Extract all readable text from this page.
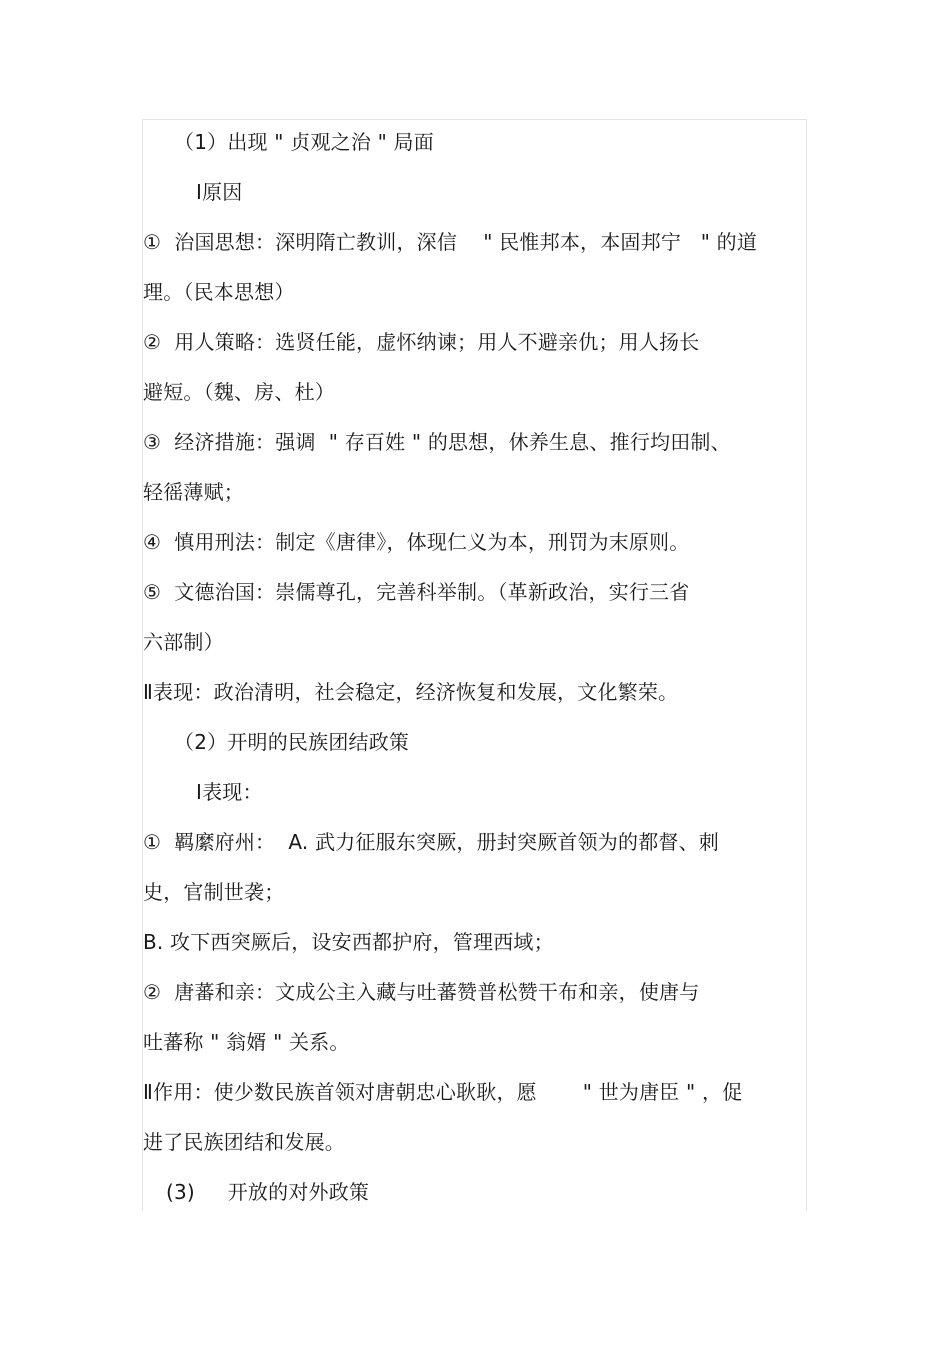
（1）出现 " 贞观之治 " 局面
Ⅰ原因
①  治国思想：深明隋亡教训，深信    " 民惟邦本，本固邦宁   " 的道
理。（民本思想）
②  用人策略：选贤任能，虚怀纳谏；用人不避亲仇；用人扬长
避短。（魏、房、杜）
③  经济措施：强调  " 存百姓 " 的思想，休养生息、推行均田制、
轻徭薄赋；
④  慎用刑法：制定《唐律》，体现仁义为本，刑罚为末原则。
⑤  文德治国：崇儒尊孔，完善科举制。（革新政治，实行三省
六部制）
Ⅱ表现：政治清明，社会稳定，经济恢复和发展，文化繁荣。
（2）开明的民族团结政策
Ⅰ表现：
①  羁縻府州：  A. 武力征服东突厥，册封突厥首领为的都督、刺
史，官制世袭；
B. 攻下西突厥后，设安西都护府，管理西域；
②  唐蕃和亲：文成公主入藏与吐蕃赞普松赞干布和亲，使唐与
吐蕃称 " 翁婿 " 关系。
Ⅱ作用：使少数民族首领对唐朝忠心耿耿，愿       " 世为唐臣 " ，促
进了民族团结和发展。
(3)     开放的对外政策
